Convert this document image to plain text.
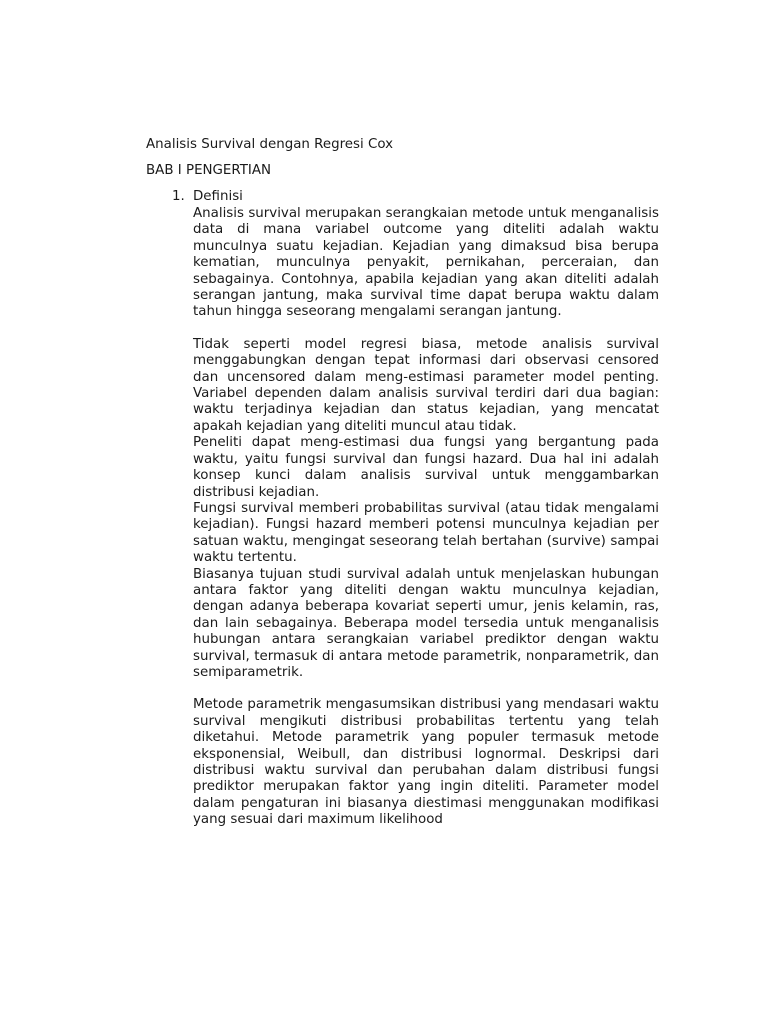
Analisis Survival dengan Regresi Cox
BAB I PENGERTIAN
1. Definisi

Analisis survival merupakan serangkaian metode untuk menganalisis data di mana variabel outcome yang diteliti adalah waktu munculnya suatu kejadian. Kejadian yang dimaksud bisa berupa kematian, munculnya penyakit, pernikahan, perceraian, dan sebagainya. Contohnya, apabila kejadian yang akan diteliti adalah serangan jantung, maka survival time dapat berupa waktu dalam tahun hingga seseorang mengalami serangan jantung.

Tidak seperti model regresi biasa, metode analisis survival menggabungkan dengan tepat informasi dari observasi censored dan uncensored dalam meng-estimasi parameter model penting. Variabel dependen dalam analisis survival terdiri dari dua bagian: waktu terjadinya kejadian dan status kejadian, yang mencatat apakah kejadian yang diteliti muncul atau tidak.

Peneliti dapat meng-estimasi dua fungsi yang bergantung pada waktu, yaitu fungsi survival dan fungsi hazard. Dua hal ini adalah konsep kunci dalam analisis survival untuk menggambarkan distribusi kejadian.

Fungsi survival memberi probabilitas survival (atau tidak mengalami kejadian). Fungsi hazard memberi potensi munculnya kejadian per satuan waktu, mengingat seseorang telah bertahan (survive) sampai waktu tertentu.

Biasanya tujuan studi survival adalah untuk menjelaskan hubungan antara faktor yang diteliti dengan waktu munculnya kejadian, dengan adanya beberapa kovariat seperti umur, jenis kelamin, ras, dan lain sebagainya. Beberapa model tersedia untuk menganalisis hubungan antara serangkaian variabel prediktor dengan waktu survival, termasuk di antara metode parametrik, nonparametrik, dan semiparametrik.

Metode parametrik mengasumsikan distribusi yang mendasari waktu survival mengikuti distribusi probabilitas tertentu yang telah diketahui. Metode parametrik yang populer termasuk metode eksponensial, Weibull, dan distribusi lognormal. Deskripsi dari distribusi waktu survival dan perubahan dalam distribusi fungsi prediktor merupakan faktor yang ingin diteliti. Parameter model dalam pengaturan ini biasanya diestimasi menggunakan modifikasi yang sesuai dari maximum likelihood
